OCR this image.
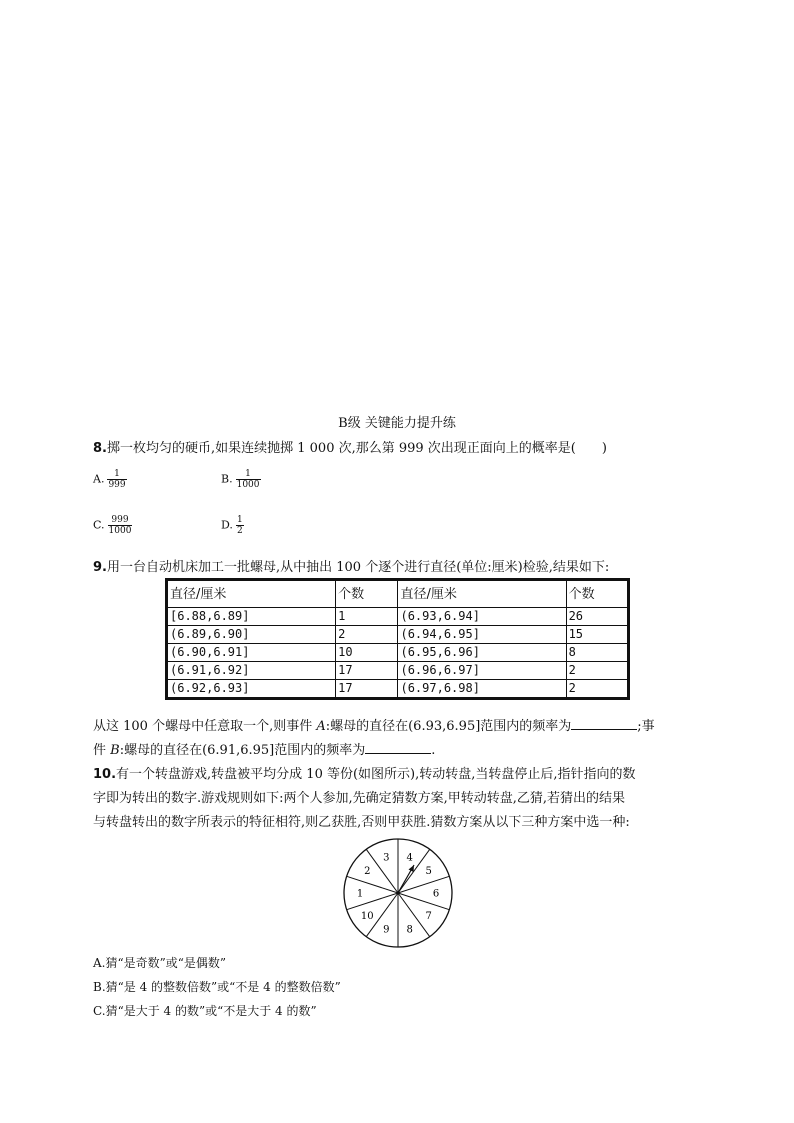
B级 关键能力提升练
8.掷一枚均匀的硬币,如果连续抛掷 1 000 次,那么第 999 次出现正面向上的概率是(　　)
A. $\frac{1}{999}$	B. $\frac{1}{1000}$
C. $\frac{999}{1000}$	D. $\frac{1}{2}$
9.用一台自动机床加工一批螺母,从中抽出 100 个逐个进行直径(单位:厘米)检验,结果如下:
直径/厘米	个数	直径/厘米	个数
[6.88,6.89]	1	(6.93,6.94]	26
(6.89,6.90]	2	(6.94,6.95]	15
(6.90,6.91]	10	(6.95,6.96]	8
(6.91,6.92]	17	(6.96,6.97]	2
(6.92,6.93]	17	(6.97,6.98]	2
从这 100 个螺母中任意取一个,则事件 A:螺母的直径在(6.93,6.95]范围内的频率为	;事
件 B:螺母的直径在(6.91,6.95]范围内的频率为	.
10.有一个转盘游戏,转盘被平均分成 10 等份(如图所示),转动转盘,当转盘停止后,指针指向的数
字即为转出的数字.游戏规则如下:两个人参加,先确定猜数方案,甲转动转盘,乙猜,若猜出的结果
与转盘转出的数字所表示的特征相符,则乙获胜,否则甲获胜.猜数方案从以下三种方案中选一种:
1
2
3 4
5
6
7
8
9
10
A.猜“是奇数”或“是偶数”
B.猜“是 4 的整数倍数”或“不是 4 的整数倍数”
C.猜“是大于 4 的数”或“不是大于 4 的数”
